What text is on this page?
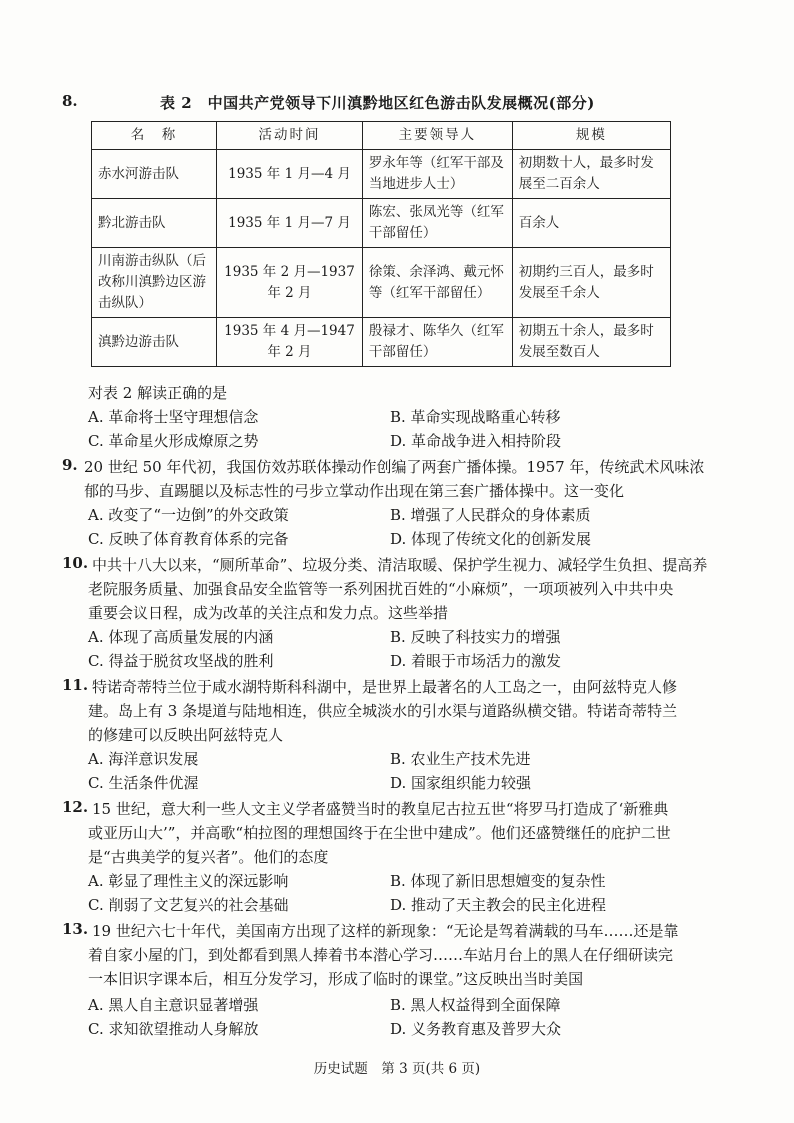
8.	表 2　中国共产党领导下川滇黔地区红色游击队发展概况(部分)
名　称	活动时间	主要领导人	规模
赤水河游击队	1935 年 1 月—4 月	罗永年等（红军干部及当地进步人士）	初期数十人，最多时发展至二百余人
黔北游击队	1935 年 1 月—7 月	陈宏、张凤光等（红军干部留任）	百余人
川南游击纵队（后改称川滇黔边区游击纵队）	1935 年 2 月—1937 年 2 月	徐策、余泽鸿、戴元怀等（红军干部留任）	初期约三百人，最多时发展至千余人
滇黔边游击队	1935 年 4 月—1947 年 2 月	殷禄才、陈华久（红军干部留任）	初期五十余人，最多时发展至数百人
对表 2 解读正确的是
A. 革命将士坚守理想信念	B. 革命实现战略重心转移
C. 革命星火形成燎原之势	D. 革命战争进入相持阶段
9. 20 世纪 50 年代初，我国仿效苏联体操动作创编了两套广播体操。1957 年，传统武术风味浓
郁的马步、直踢腿以及标志性的弓步立掌动作出现在第三套广播体操中。这一变化
A. 改变了“一边倒”的外交政策	B. 增强了人民群众的身体素质
C. 反映了体育教育体系的完备	D. 体现了传统文化的创新发展
10. 中共十八大以来，“厕所革命”、垃圾分类、清洁取暖、保护学生视力、减轻学生负担、提高养
老院服务质量、加强食品安全监管等一系列困扰百姓的“小麻烦”，一项项被列入中共中央
重要会议日程，成为改革的关注点和发力点。这些举措
A. 体现了高质量发展的内涵	B. 反映了科技实力的增强
C. 得益于脱贫攻坚战的胜利	D. 着眼于市场活力的激发
11. 特诺奇蒂特兰位于咸水湖特斯科科湖中，是世界上最著名的人工岛之一，由阿兹特克人修
建。岛上有 3 条堤道与陆地相连，供应全城淡水的引水渠与道路纵横交错。特诺奇蒂特兰
的修建可以反映出阿兹特克人
A. 海洋意识发展	B. 农业生产技术先进
C. 生活条件优渥	D. 国家组织能力较强
12. 15 世纪，意大利一些人文主义学者盛赞当时的教皇尼古拉五世“将罗马打造成了‘新雅典
或亚历山大’”，并高歌“柏拉图的理想国终于在尘世中建成”。他们还盛赞继任的庇护二世
是“古典美学的复兴者”。他们的态度
A. 彰显了理性主义的深远影响	B. 体现了新旧思想嬗变的复杂性
C. 削弱了文艺复兴的社会基础	D. 推动了天主教会的民主化进程
13. 19 世纪六七十年代，美国南方出现了这样的新现象：“无论是驾着满载的马车……还是靠
着自家小屋的门，到处都看到黑人捧着书本潜心学习……车站月台上的黑人在仔细研读完
一本旧识字课本后，相互分发学习，形成了临时的课堂。”这反映出当时美国
A. 黑人自主意识显著增强	B. 黑人权益得到全面保障
C. 求知欲望推动人身解放	D. 义务教育惠及普罗大众
历史试题　第 3 页(共 6 页)
